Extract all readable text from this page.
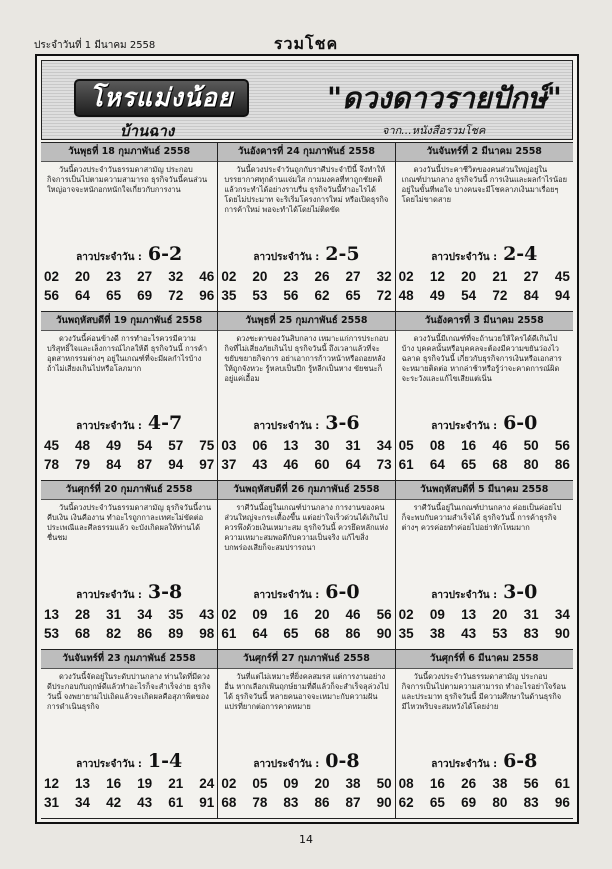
ประจำวันที่ 1 มีนาคม 2558	รวมโชค
โหรแม่งน้อย
บ้านฉาง
"ดวงดาวรายปักษ์"
จาก...หนังสือรวมโชค
วันพุธที่ 18 กุมภาพันธ์ 2558
วันนี้ดวงประจำวันธรรมดาสามัญ ประกอบกิจการเป็นไปตามความสามารถ ธุรกิจวันนี้คนส่วนใหญ่อาจจะหนักอกหนักใจเกี่ยวกับการงาน
ลาวประจำวัน : 6-2
02 20 23 27 32 46
56 64 65 69 72 96
วันอังคารที่ 24 กุมภาพันธ์ 2558
วันนี้ดวงประจำวันถูกกับราศีประจำปีนี้ จึงทำให้บรรยากาศทุกด้านแจ่มใส กามมงคลที่ทาถูกชัยคติแล้วกระทำได้อย่างราบรื่น ธุรกิจวันนี้ทำอะไรได้โดยไม่ประมาท จะริเริ่มโครงการใหม่ หรือเปิดธุรกิจการค้าใหม่ พอจะทำได้โดยไม่ติดขัด
ลาวประจำวัน : 2-5
02 20 23 26 27 32
35 53 56 62 65 72
วันจันทร์ที่ 2 มีนาคม 2558
ดวงวันนี้ประคาชีวิตของคนส่วนใหญ่อยู่ในเกณฑ์ปานกลาง ธุรกิจวันนี้ การเงินและผลกำไรน้อยอยู่ในขั้นที่พอใจ บางคนจะมีโชคลาภเงินมาเรื่อยๆ โดยไม่ขาดสาย
ลาวประจำวัน : 2-4
02 12 20 21 27 45
48 49 54 72 84 94
วันพฤหัสบดีที่ 19 กุมภาพันธ์ 2558
ดวงวันนี้ค่อนข้างดี การทำอะไรควรมีความบริสุทธิ์ใจและเล็งการณ์ไกลให้ดี ธุรกิจวันนี้ การค้าอุตสาหกรรมต่างๆ อยู่ในเกณฑ์ที่จะมีผลกำไรบ้าง ถ้าไม่เสี่ยงเกินไปหรือโลภมาก
ลาวประจำวัน : 4-7
45 48 49 54 57 75
78 79 84 87 94 97
วันพุธที่ 25 กุมภาพันธ์ 2558
ดวงชะตาของวันสิบกลาง เหมาะแก่การประกอบกิจที่ไม่เสี่ยงภัยเกินไป ธุรกิจวันนี้ ถึงเวลาแล้วที่จะขยับขยายกิจการ อย่าเอาการก้าวหน้าหรือถอยหลังให้ถูกจังหวะ รู้หลบเป็นปีก รู้หลีกเป็นหาง ขัยชนะก็อยู่แค่เอื้อม
ลาวประจำวัน : 3-6
03 06 13 30 31 34
37 43 46 60 64 73
วันอังคารที่ 3 มีนาคม 2558
ดวงวันนี้มีเกณฑ์ที่จะถ้านวยให้ใครได้ดีเกินไปบ้าง บุคคลนั้นหรือบุคคลจะต้องมีความขยันว่องไว ฉลาด ธุรกิจวันนี้ เกี่ยวกับธุรกิจการเงินหรือเอกสารจะหมายติดต่อ หากล่าช้าหรือรู้ว่าจะคาดการณ์ผิด จะระวังและแก้ไขเสียแต่เนิ่น
ลาวประจำวัน : 6-0
05 08 16 46 50 56
61 64 65 68 80 86
วันศุกร์ที่ 20 กุมภาพันธ์ 2558
วันนี้ดวงประจำวันธรรมดาสามัญ ธุรกิจวันนี้งานคืบเงิน เงินคืองาน ทำอะไรถูกกาละเทศะไม่ขัดต่อประเพณีและศีลธรรมแล้ว จะบังเกิดผลให้ท่านได้ชื่นชม
ลาวประจำวัน : 3-8
13 28 31 34 35 43
53 68 82 86 89 98
วันพฤหัสบดีที่ 26 กุมภาพันธ์ 2558
ราศีวันนี้อยู่ในเกณฑ์ปานกลาง การงานของคนส่วนใหญ่จะกระเตื้องขึ้น แต่อย่าใจเร็วด่วนได้เกินไปควรพึงด้วยเงินเหมาะสม ธุรกิจวันนี้ ควรยึดหลักแห่งความเหมาะสมพอดีกับความเป็นจริง แก้ไขสิ่งบกพร่องเสียก็จะสมปรารถนา
ลาวประจำวัน : 6-0
02 09 16 20 46 56
61 64 65 68 86 90
วันพฤหัสบดีที่ 5 มีนาคม 2558
ราศีวันนี้อยู่ในเกณฑ์ปานกลาง ค่อยเป็นค่อยไป ก็จะพบกับความสำเร็จได้ ธุรกิจวันนี้ การค้าธุรกิจต่างๆ ควรค่อยทำค่อยไปอย่าหักโหมมาก
ลาวประจำวัน : 3-0
02 09 13 20 31 34
35 38 43 53 83 90
วันจันทร์ที่ 23 กุมภาพันธ์ 2558
ดวงวันนี้จัดอยู่ในระดับปานกลาง ท่านใดที่มีดวงดีประกอบกับฤกษ์ดีแล้วทำอะไรก็จะสำเร็จง่าย ธุรกิจวันนี้ จงพยายามไปเถิดแล้วจะเกิดผลคือสุภาพิตของการดำเนินธุรกิจ
ลาวประจำวัน : 1-4
12 13 16 19 21 24
31 34 42 43 61 91
วันศุกร์ที่ 27 กุมภาพันธ์ 2558
วันที่แต่ไม่เหมาะที่ยิ่งคลสมรส แต่การงานอย่างอื่น หากเลือกเฟ้นฤกษ์ยามที่ดีแล้วก็จะสำเร็จลุล่วงไปได้ ธุรกิจวันนี้ หลายคนอาจจะเหมาะกับความฝันแปรที่ยากต่อการคาดหมาย
ลาวประจำวัน : 0-8
02 05 09 20 38 50
68 78 83 86 87 90
วันศุกร์ที่ 6 มีนาคม 2558
วันนี้ดวงประจำวันธรรมดาสามัญ ประกอบกิจการเป็นไปตามความสามารถ ทำอะไรอย่าใจร้อนและประมาท ธุรกิจวันนี้ มีความศึกษาในด้านธุรกิจ มีไหวพริบจะสมหวังได้โดยง่าย
ลาวประจำวัน : 6-8
08 16 26 38 56 61
62 65 69 80 83 96
14
